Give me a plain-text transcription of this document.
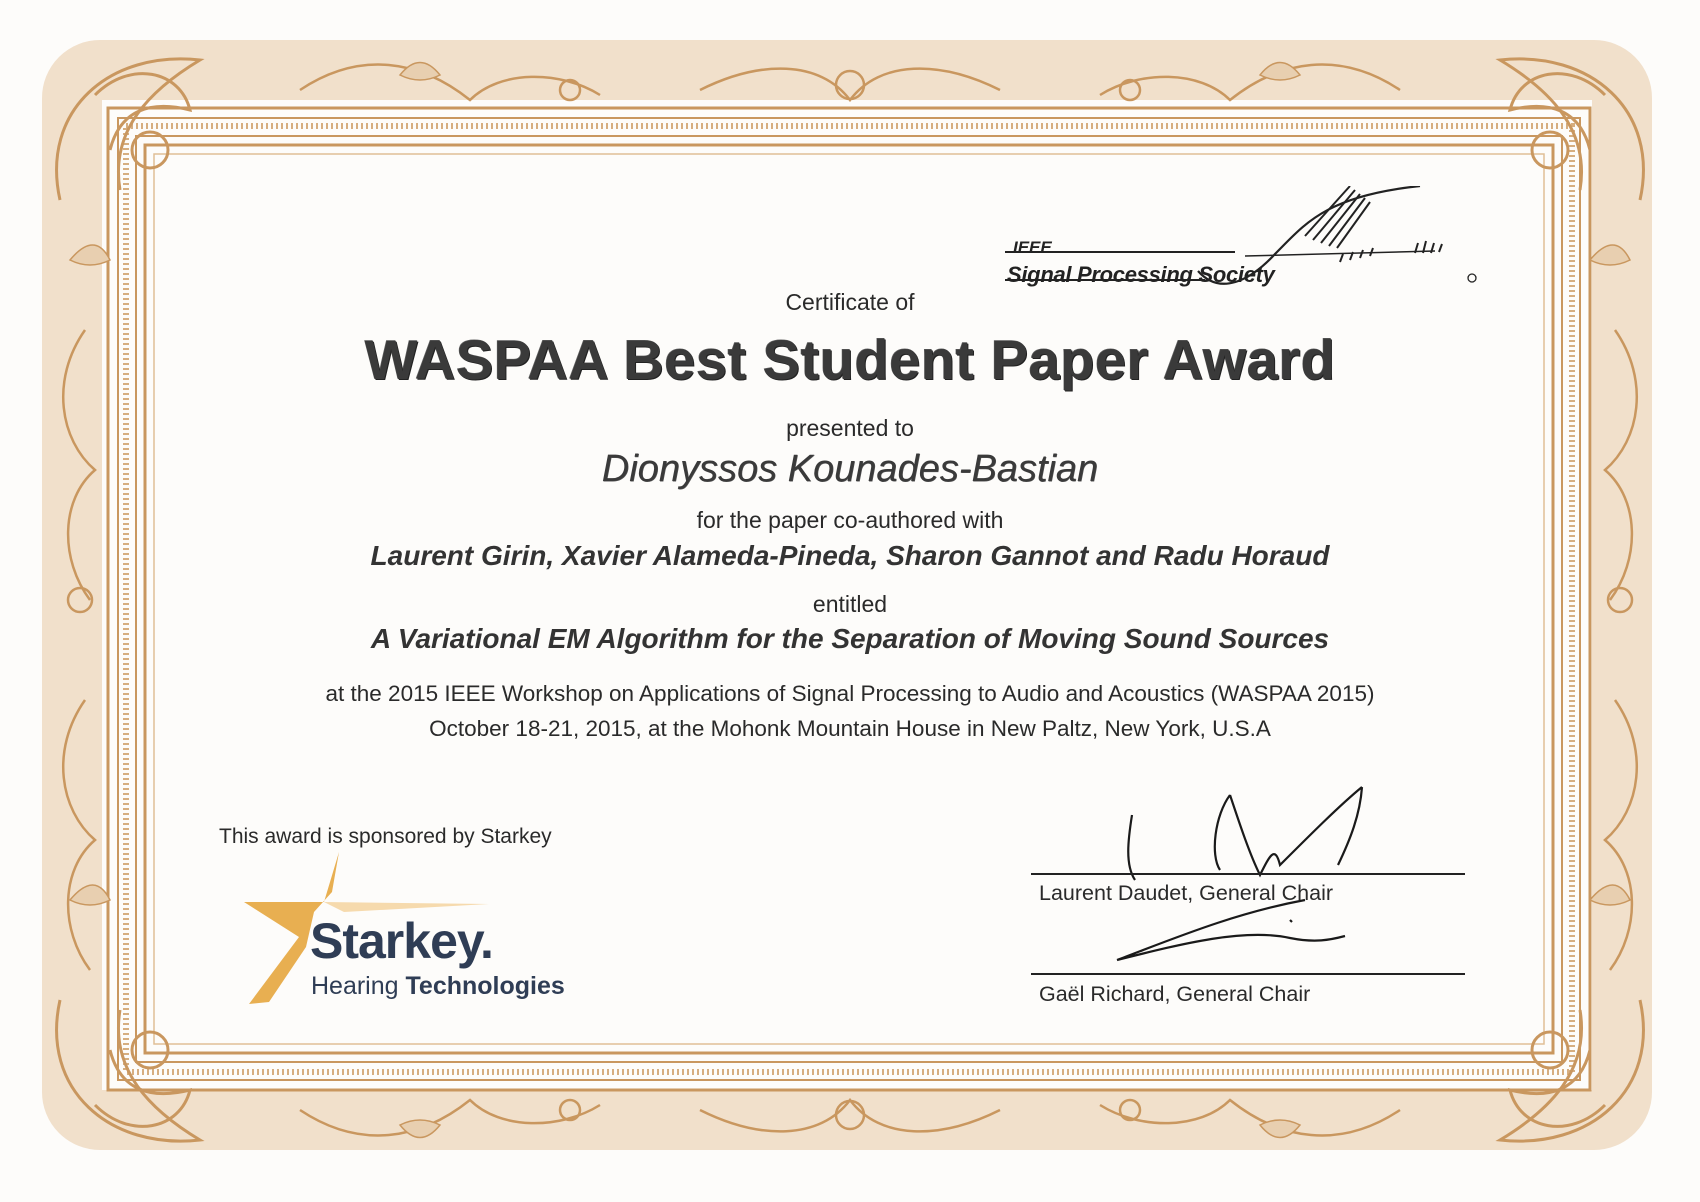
IEEE
Signal Processing Society
Certificate of
WASPAA Best Student Paper Award
presented to
Dionyssos Kounades-Bastian
for the paper co-authored with
Laurent Girin, Xavier Alameda-Pineda, Sharon Gannot and Radu Horaud
entitled
A Variational EM Algorithm for the Separation of Moving Sound Sources
at the 2015 IEEE Workshop on Applications of Signal Processing to Audio and Acoustics (WASPAA 2015)
October 18-21, 2015, at the Mohonk Mountain House in New Paltz, New York, U.S.A
This award is sponsored by Starkey
Starkey.
Hearing Technologies
Laurent Daudet, General Chair
Gaël Richard, General Chair
